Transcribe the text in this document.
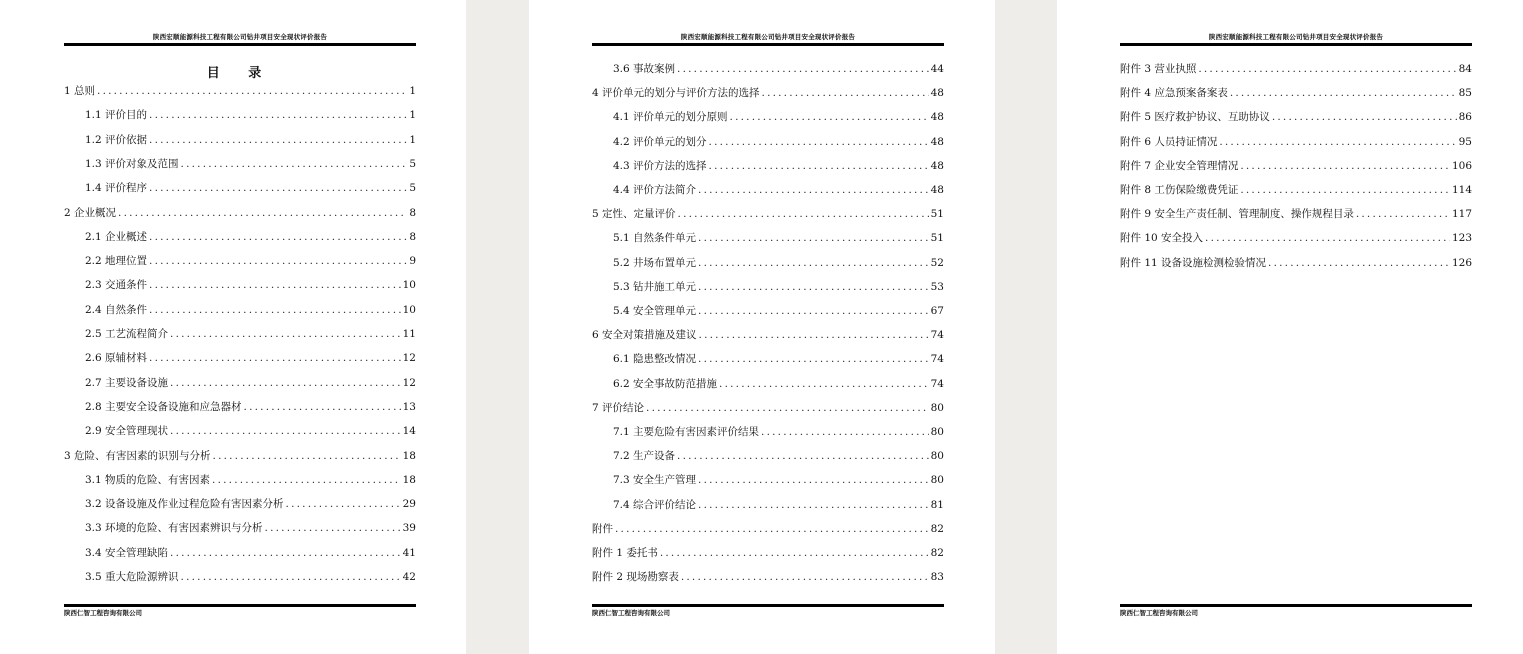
陕西宏顺能源科技工程有限公司钻井项目安全现状评价报告
目 录
1 总则 .....	1
1.1 评价目的 .....	1
1.2 评价依据 .....	1
1.3 评价对象及范围 .....	5
1.4 评价程序 .....	5
2 企业概况 .....	8
2.1 企业概述 .....	8
2.2 地理位置 .....	9
2.3 交通条件 .....	10
2.4 自然条件 .....	10
2.5 工艺流程简介 .....	11
2.6 原辅材料 .....	12
2.7 主要设备设施 .....	12
2.8 主要安全设备设施和应急器材 .....	13
2.9 安全管理现状 .....	14
3 危险、有害因素的识别与分析 .....	18
3.1 物质的危险、有害因素 .....	18
3.2 设备设施及作业过程危险有害因素分析 .....	29
3.3 环境的危险、有害因素辨识与分析 .....	39
3.4 安全管理缺陷 .....	41
3.5 重大危险源辨识 .....	42
陕西仁智工程咨询有限公司
陕西宏顺能源科技工程有限公司钻井项目安全现状评价报告
3.6 事故案例 .....	44
4 评价单元的划分与评价方法的选择 .....	48
4.1 评价单元的划分原则 .....	48
4.2 评价单元的划分 .....	48
4.3 评价方法的选择 .....	48
4.4 评价方法简介 .....	48
5 定性、定量评价 .....	51
5.1 自然条件单元 .....	51
5.2 井场布置单元 .....	52
5.3 钻井施工单元 .....	53
5.4 安全管理单元 .....	67
6 安全对策措施及建议 .....	74
6.1 隐患整改情况 .....	74
6.2 安全事故防范措施 .....	74
7 评价结论 .....	80
7.1 主要危险有害因素评价结果 .....	80
7.2 生产设备 .....	80
7.3 安全生产管理 .....	80
7.4 综合评价结论 .....	81
附件 .....	82
附件 1 委托书 .....	82
附件 2 现场勘察表 .....	83
陕西仁智工程咨询有限公司
陕西宏顺能源科技工程有限公司钻井项目安全现状评价报告
附件 3 营业执照 .....	84
附件 4 应急预案备案表 .....	85
附件 5 医疗救护协议、互助协议 .....	86
附件 6 人员持证情况 .....	95
附件 7 企业安全管理情况 .....	106
附件 8 工伤保险缴费凭证 .....	114
附件 9 安全生产责任制、管理制度、操作规程目录 .....	117
附件 10 安全投入 .....	123
附件 11 设备设施检测检验情况 .....	126
陕西仁智工程咨询有限公司
